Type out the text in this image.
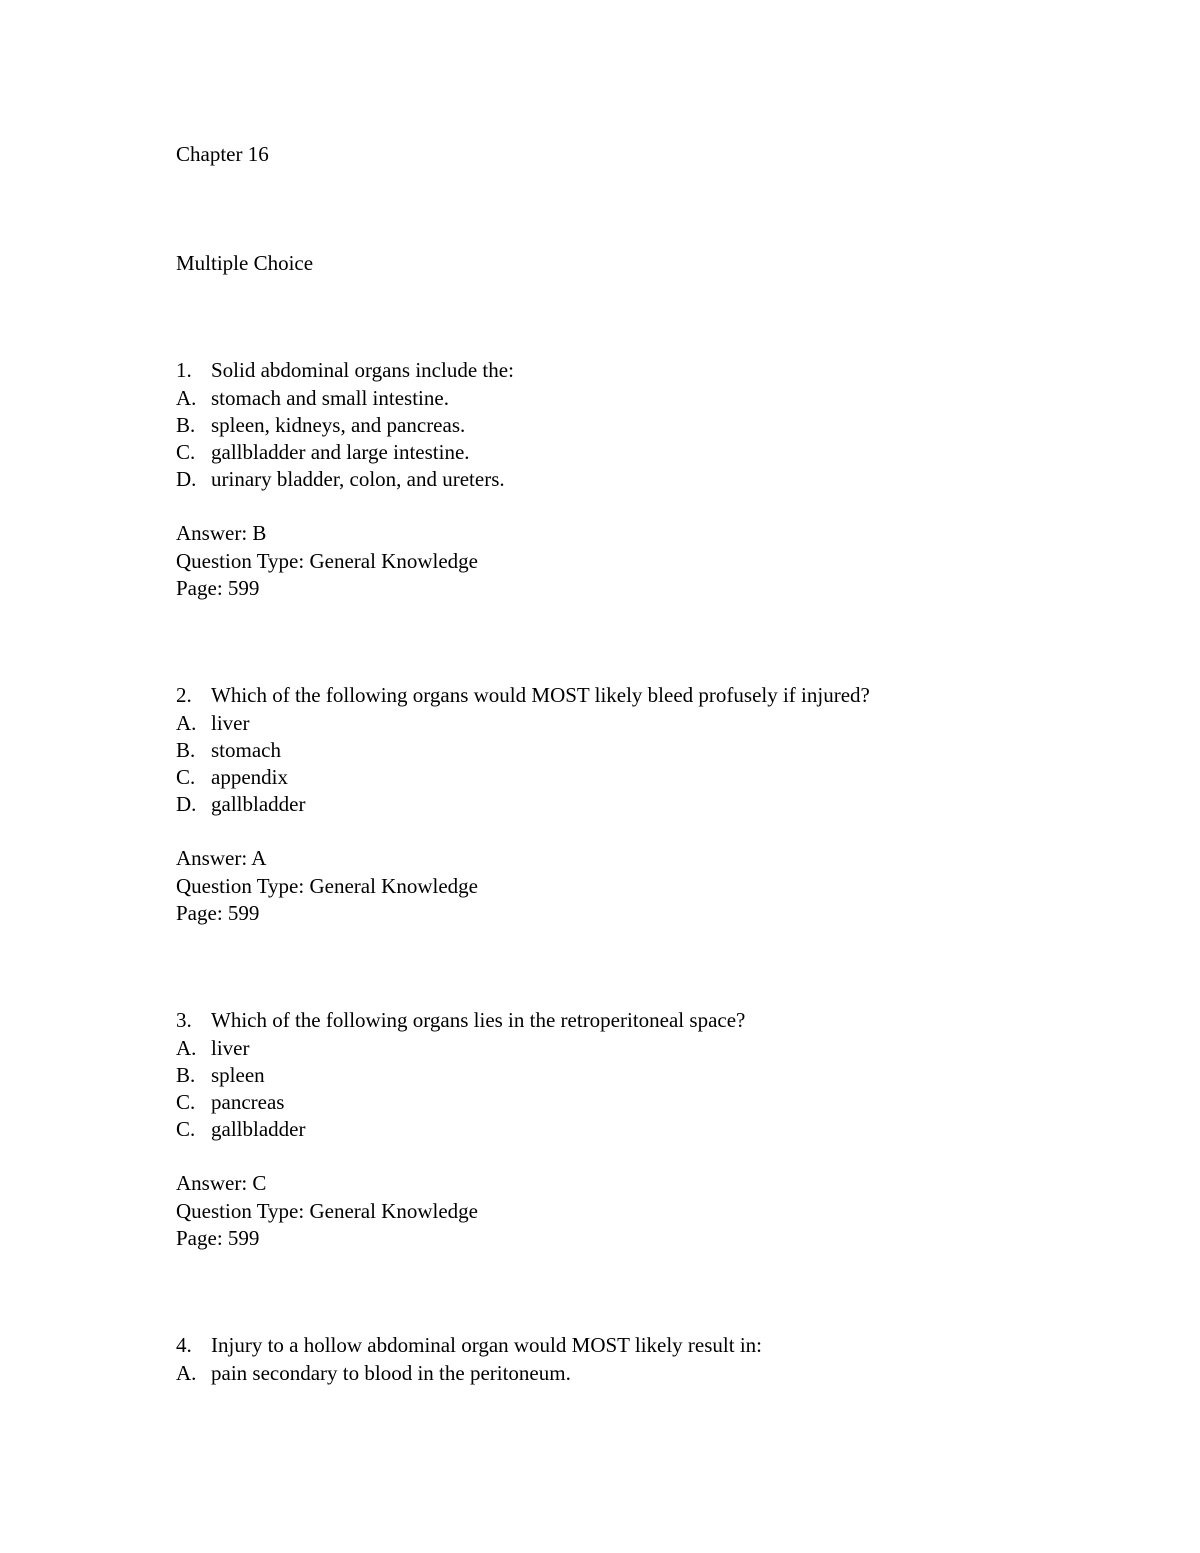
Chapter 16
Multiple Choice
1. Solid abdominal organs include the:
A. stomach and small intestine.
B. spleen, kidneys, and pancreas.
C. gallbladder and large intestine.
D. urinary bladder, colon, and ureters.
Answer: B
Question Type: General Knowledge
Page: 599
2. Which of the following organs would MOST likely bleed profusely if injured?
A. liver
B. stomach
C. appendix
D. gallbladder
Answer: A
Question Type: General Knowledge
Page: 599
3. Which of the following organs lies in the retroperitoneal space?
A. liver
B. spleen
C. pancreas
C. gallbladder
Answer: C
Question Type: General Knowledge
Page: 599
4. Injury to a hollow abdominal organ would MOST likely result in:
A. pain secondary to blood in the peritoneum.
